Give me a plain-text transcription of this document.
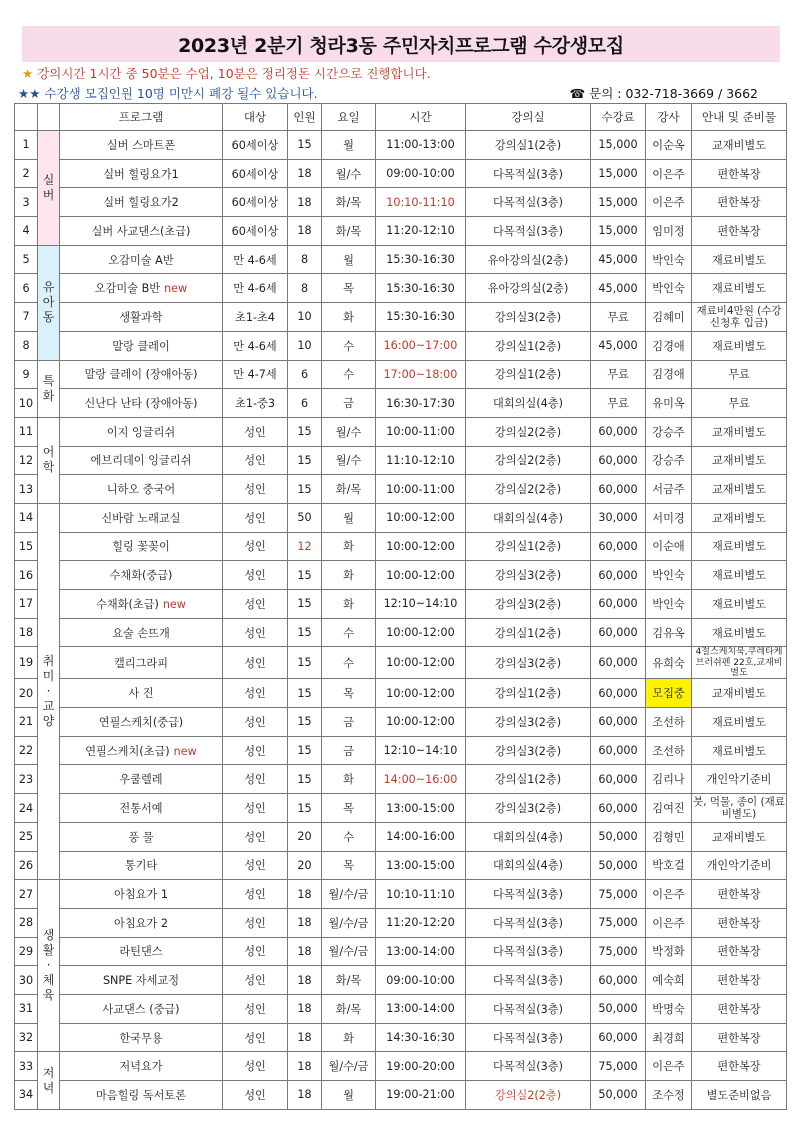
2023년 2분기 청라3동 주민자치프로그램 수강생모집
★ 강의시간 1시간 중 50분은 수업, 10분은 정리정돈 시간으로 진행합니다.
★★ 수강생 모집인원 10명 미만시 폐강 될수 있습니다.	☎ 문의 : 032-718-3669 / 3662
		프로그램	대상	인원	요일	시간	강의실	수강료	강사	안내 및 준비물
1	실버	실버 스마트폰	60세이상	15	월	11:00-13:00	강의실1(2층)	15,000	이순옥	교재비별도
2		실버 힐링요가1	60세이상	18	월/수	09:00-10:00	다목적실(3층)	15,000	이은주	편한복장
3		실버 힐링요가2	60세이상	18	화/목	10:10-11:10	다목적실(3층)	15,000	이은주	편한복장
4		실버 사교댄스(초급)	60세이상	18	화/목	11:20-12:10	다목적실(3층)	15,000	임미정	편한복장
5	유아동	오감미술 A반	만 4-6세	8	월	15:30-16:30	유아강의실(2층)	45,000	박인숙	재료비별도
6		오감미술 B반 new	만 4-6세	8	목	15:30-16:30	유아강의실(2층)	45,000	박인숙	재료비별도
7		생활과학	초1-초4	10	화	15:30-16:30	강의실3(2층)	무료	김혜미	재료비4만원 (수강신청후 입금)
8		말랑 클레이	만 4-6세	10	수	16:00~17:00	강의실1(2층)	45,000	김경애	재료비별도
9	특화	말랑 클레이 (장애아동)	만 4-7세	6	수	17:00~18:00	강의실1(2층)	무료	김경애	무료
10		신난다 난타 (장애아동)	초1-중3	6	금	16:30-17:30	대회의실(4층)	무료	유미옥	무료
11	어학	이지 잉글리쉬	성인	15	월/수	10:00-11:00	강의실2(2층)	60,000	강승주	교재비별도
12		에브리데이 잉글리쉬	성인	15	월/수	11:10-12:10	강의실2(2층)	60,000	강승주	교재비별도
13		니하오 중국어	성인	15	화/목	10:00-11:00	강의실2(2층)	60,000	서금주	교재비별도
14	취미·교양	신바람 노래교실	성인	50	월	10:00-12:00	대회의실(4층)	30,000	서미경	교재비별도
15		힐링 꽃꽂이	성인	12	화	10:00-12:00	강의실1(2층)	60,000	이순애	재료비별도
16		수채화(중급)	성인	15	화	10:00-12:00	강의실3(2층)	60,000	박인숙	재료비별도
17		수채화(초급) new	성인	15	화	12:10~14:10	강의실3(2층)	60,000	박인숙	재료비별도
18		요술 손뜨개	성인	15	수	10:00-12:00	강의실1(2층)	60,000	김유옥	재료비별도
19		캘리그라피	성인	15	수	10:00-12:00	강의실3(2층)	60,000	유희숙	4절스케치북,쿠레타케브러쉬펜 22호,교재비별도
20		사 진	성인	15	목	10:00-12:00	강의실1(2층)	60,000	모집중	교재비별도
21		연필스케치(중급)	성인	15	금	10:00-12:00	강의실3(2층)	60,000	조선하	재료비별도
22		연필스케치(초급) new	성인	15	금	12:10~14:10	강의실3(2층)	60,000	조선하	재료비별도
23		우쿨렐레	성인	15	화	14:00~16:00	강의실1(2층)	60,000	김리나	개인악기준비
24		전통서예	성인	15	목	13:00-15:00	강의실3(2층)	60,000	김여진	붓, 먹물, 종이 (재료비별도)
25		풍 물	성인	20	수	14:00-16:00	대회의실(4층)	50,000	김형민	교재비별도
26		통기타	성인	20	목	13:00-15:00	대회의실(4층)	50,000	박호걸	개인악기준비
27	생활·체육	아침요가 1	성인	18	월/수/금	10:10-11:10	다목적실(3층)	75,000	이은주	편한복장
28		아침요가 2	성인	18	월/수/금	11:20-12:20	다목적실(3층)	75,000	이은주	편한복장
29		라틴댄스	성인	18	월/수/금	13:00-14:00	다목적실(3층)	75,000	박정화	편한복장
30		SNPE 자세교정	성인	18	화/목	09:00-10:00	다목적실(3층)	60,000	예숙희	편한복장
31		사교댄스 (중급)	성인	18	화/목	13:00-14:00	다목적실(3층)	50,000	박명숙	편한복장
32		한국무용	성인	18	화	14:30-16:30	다목적실(3층)	60,000	최경희	편한복장
33	저녁	저녁요가	성인	18	월/수/금	19:00-20:00	다목적실(3층)	75,000	이은주	편한복장
34		마음힐링 독서토론	성인	18	월	19:00-21:00	강의실2(2층)	50,000	조수정	별도준비없음
